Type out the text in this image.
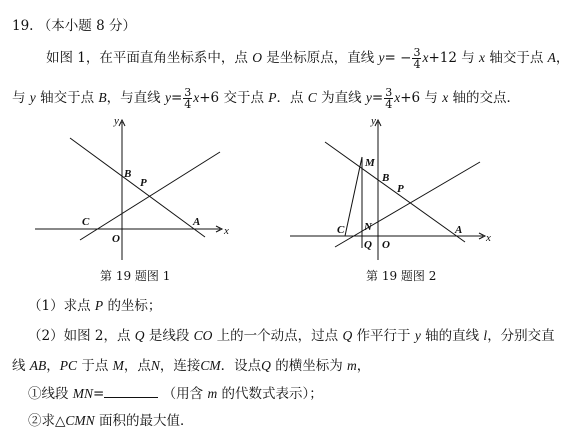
19. （本小题 8 分）
如图 1，在平面直角坐标系中，点 O 是坐标原点，直线 $y= - \frac{3}{4} x+12$ 与 x 轴交于点 A，
与 y 轴交于点 B，与直线 $y= \frac{3}{4} x+6$ 交于点 P．点 C 为直线 $y= \frac{3}{4} x+6$ 与 x 轴的交点．
y
x
O
B
P
C	A
第 19 题图 1
y
x
O
B
P
C	A
M
N
Q
第 19 题图 2
（1）求点 P 的坐标；
（2）如图 2，点 Q 是线段 CO 上的一个动点，过点 Q 作平行于 y 轴的直线 l，分别交直
线 AB，PC 于点 M，点N，连接CM．设点Q 的横坐标为 m，
①线段 MN=	（用含 m 的代数式表示）；
②求△CMN 面积的最大值．
